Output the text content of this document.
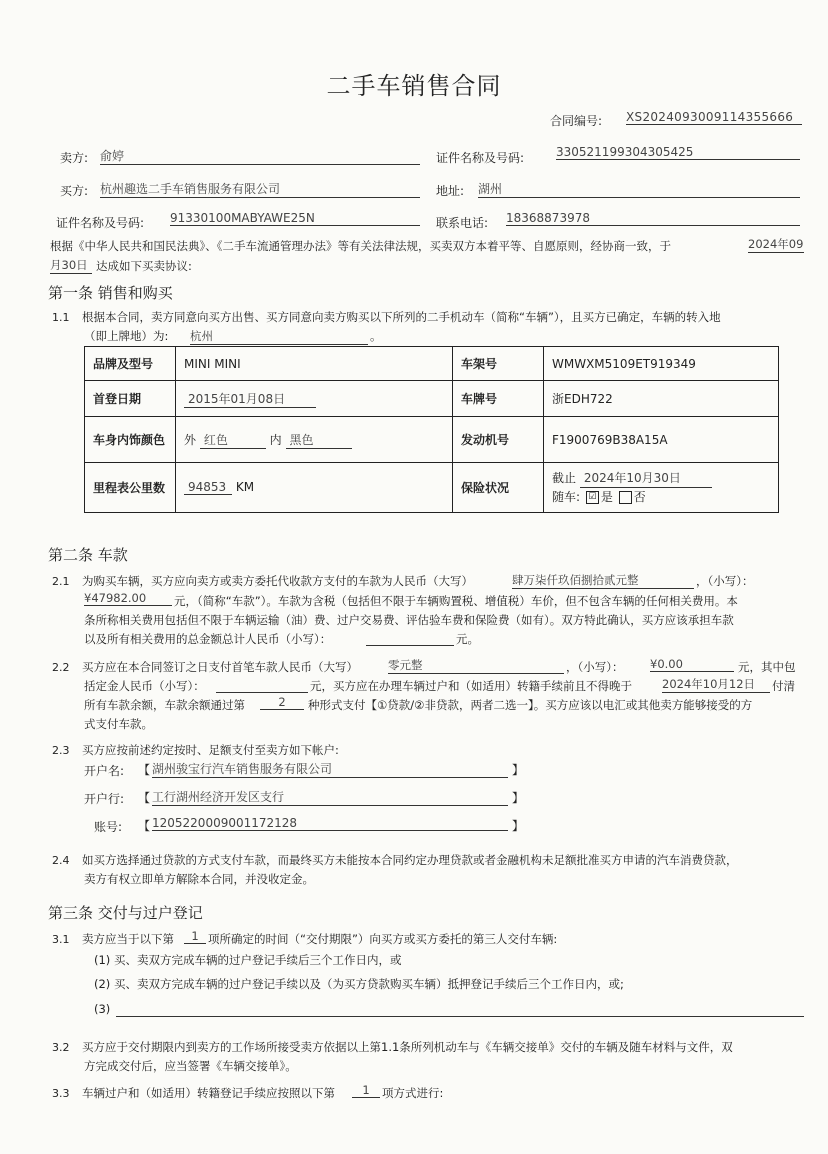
二手车销售合同
合同编号: XS2024093009114355666
卖方: 俞婷	证件名称及号码:	330521199304305425
买方: 杭州趣选二手车销售服务有限公司	地址: 湖州
证件名称及号码: 91330100MABYAWE25N	联系电话: 18368873978
根据《中华人民共和国民法典》、《二手车流通管理办法》等有关法律法规，买卖双方本着平等、自愿原则，经协商一致，于	2024年09
月30日 达成如下买卖协议:
第一条 销售和购买
1.1 根据本合同，卖方同意向买方出售、买方同意向卖方购买以下所列的二手机动车（简称“车辆”），且买方已确定，车辆的转入地
（即上牌地）为: 杭州	。
品牌及型号	MINI MINI	车架号	WMWXM5109ET919349
首登日期	2015年01月08日	车牌号	浙EDH722
车身内饰颜色	外 红色 内 黑色	发动机号	F1900769B38A15A
里程表公里数	94853 KM	保险状况	截止 2024年10月30日
随车: ☑ 是 否
第二条 车款
2.1 为购买车辆，买方应向卖方或卖方委托代收款方支付的车款为人民币（大写）	肆万柒仟玖佰捌拾贰元整	，（小写）：
¥47982.00	元，（简称“车款”）。车款为含税（包括但不限于车辆购置税、增值税）车价，但不包含车辆的任何相关费用。本
条所称相关费用包括但不限于车辆运输（油）费、过户交易费、评估验车费和保险费（如有）。双方特此确认，买方应该承担车款
以及所有相关费用的总金额总计人民币（小写）：	元。
2.2 买方应在本合同签订之日支付首笔车款人民币（大写）	零元整	，（小写）： ¥0.00	元，其中包
括定金人民币（小写）：	元，买方应在办理车辆过户和（如适用）转籍手续前且不得晚于	2024年10月12日	付清
所有车款余额，车款余额通过第	2	种形式支付【①贷款/②非贷款，两者二选一】。买方应该以电汇或其他卖方能够接受的方
式支付车款。
2.3 买方应按前述约定按时、足额支付至卖方如下帐户:
开户名: 【 湖州骏宝行汽车销售服务有限公司	】
开户行: 【 工行湖州经济开发区支行	】
账号: 【 1205220009001172128	】
2.4 如买方选择通过贷款的方式支付车款，而最终买方未能按本合同约定办理贷款或者金融机构未足额批准买方申请的汽车消费贷款，
卖方有权立即单方解除本合同，并没收定金。
第三条 交付与过户登记
3.1 卖方应当于以下第	1 项所确定的时间（“交付期限”）向买方或买方委托的第三人交付车辆:
(1) 买、卖双方完成车辆的过户登记手续后三个工作日内，或
(2) 买、卖双方完成车辆的过户登记手续以及（为买方贷款购买车辆）抵押登记手续后三个工作日内，或;
(3)
3.2 买方应于交付期限内到卖方的工作场所接受卖方依据以上第1.1条所列机动车与《车辆交接单》交付的车辆及随车材料与文件，双
方完成交付后，应当签署《车辆交接单》。
3.3 车辆过户和（如适用）转籍登记手续应按照以下第	1	项方式进行:
